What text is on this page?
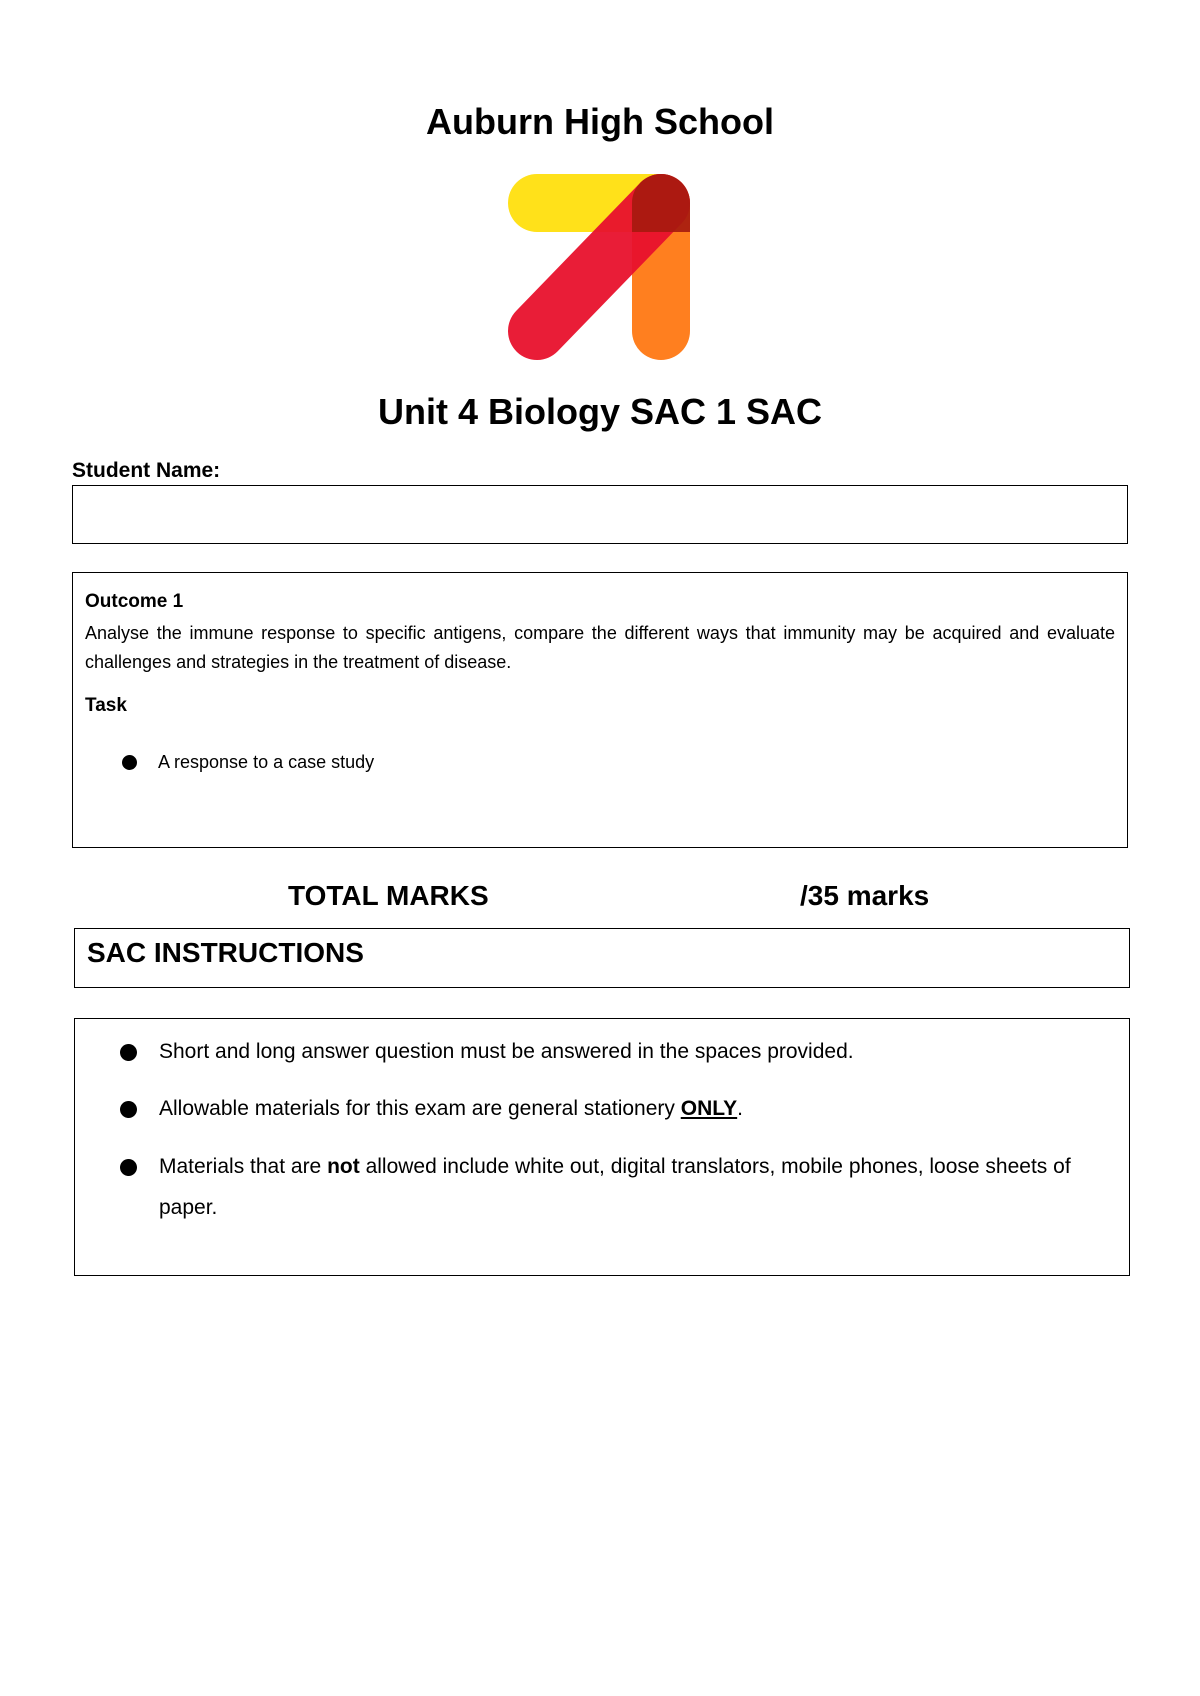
Auburn High School
Unit 4 Biology SAC 1 SAC
Student Name:

Outcome 1

Analyse the immune response to specific antigens, compare the different ways that immunity may be acquired and evaluate challenges and strategies in the treatment of disease.

Task

A response to a case study
TOTAL MARKS	/35 marks
SAC INSTRUCTIONS
Short and long answer question must be answered in the spaces provided.
Allowable materials for this exam are general stationery ONLY.
Materials that are not allowed include white out, digital translators, mobile phones, loose sheets of paper.
